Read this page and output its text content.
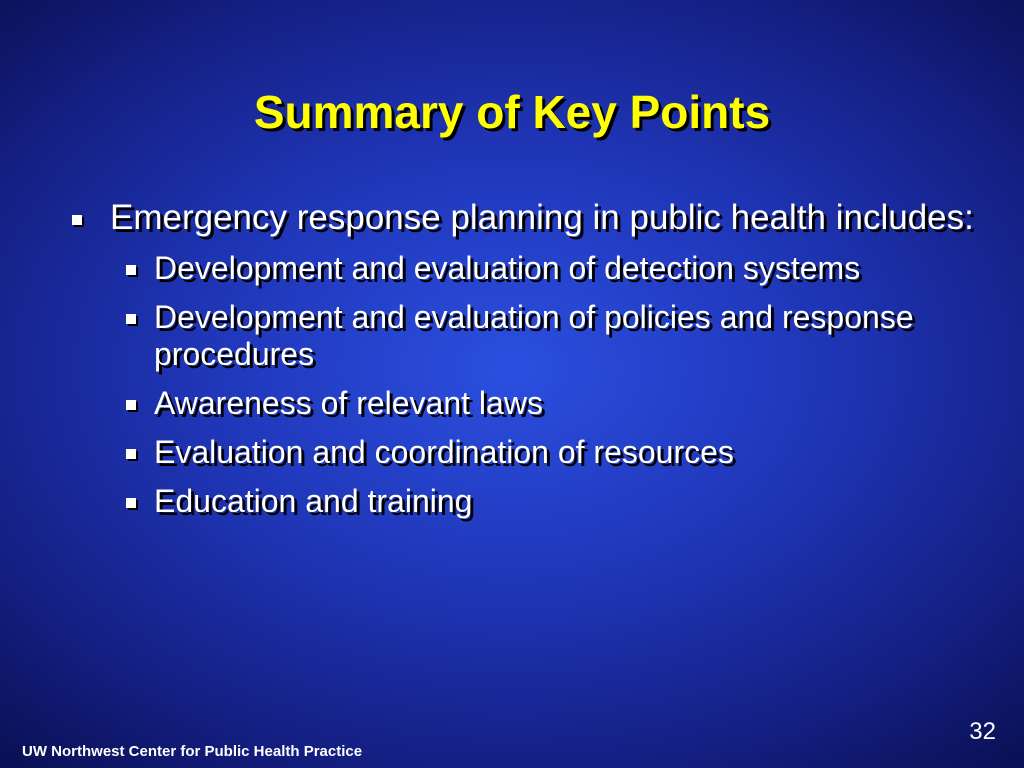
Summary of Key Points
Emergency response planning in public health includes:
Development and evaluation of detection systems
Development and evaluation of policies and response procedures
Awareness of relevant laws
Evaluation and coordination of resources
Education and training
32
UW Northwest Center for Public Health Practice
